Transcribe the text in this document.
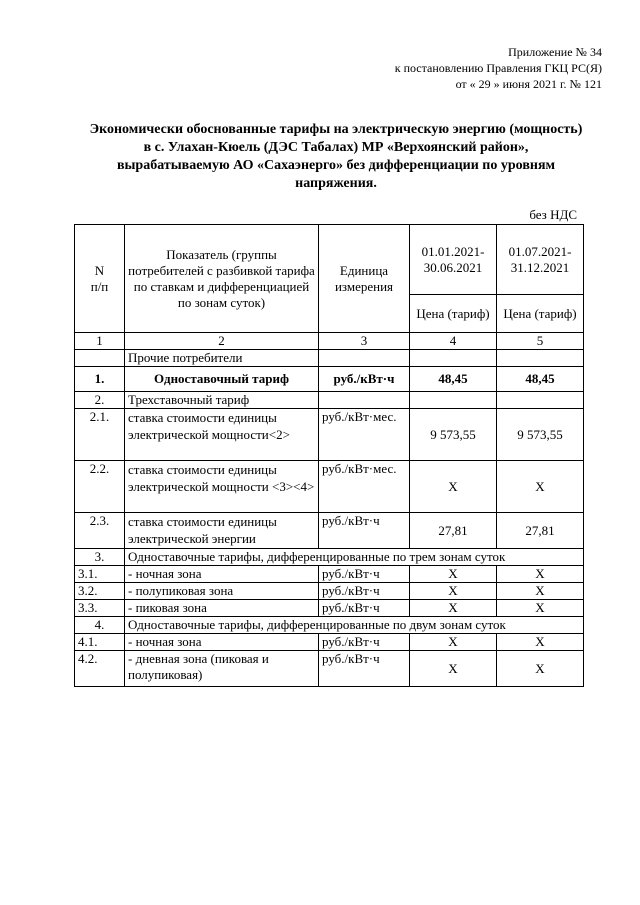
Приложение № 34
к постановлению Правления ГКЦ РС(Я)
от « 29 » июня 2021 г. № 121
Экономически обоснованные тарифы на электрическую энергию (мощность)
в с. Улахан-Кюель (ДЭС Табалах) МР «Верхоянский район»,
вырабатываемую АО «Сахаэнерго» без дифференциации по уровням
напряжения.
без НДС
N
п/п	Показатель (группы потребителей с разбивкой тарифа по ставкам и дифференциацией по зонам суток)	Единица измерения	01.01.2021-30.06.2021	01.07.2021-31.12.2021
			Цена (тариф)	Цена (тариф)
1	2	3	4	5
	Прочие потребители			
1.	Одноставочный тариф	руб./кВт·ч	48,45	48,45
2.	Трехставочный тариф			
2.1.	ставка стоимости единицы электрической мощности<2>	руб./кВт·мес.	9 573,55	9 573,55
2.2.	ставка стоимости единицы электрической мощности <3><4>	руб./кВт·мес.	X	X
2.3.	ставка стоимости единицы электрической энергии	руб./кВт·ч	27,81	27,81
3.	Одноставочные тарифы, дифференцированные по трем зонам суток			
3.1.	- ночная зона	руб./кВт·ч	X	X
3.2.	- полупиковая зона	руб./кВт·ч	X	X
3.3.	- пиковая зона	руб./кВт·ч	X	X
4.	Одноставочные тарифы, дифференцированные по двум зонам суток			
4.1.	- ночная зона	руб./кВт·ч	X	X
4.2.	- дневная зона (пиковая и полупиковая)	руб./кВт·ч	X	X
